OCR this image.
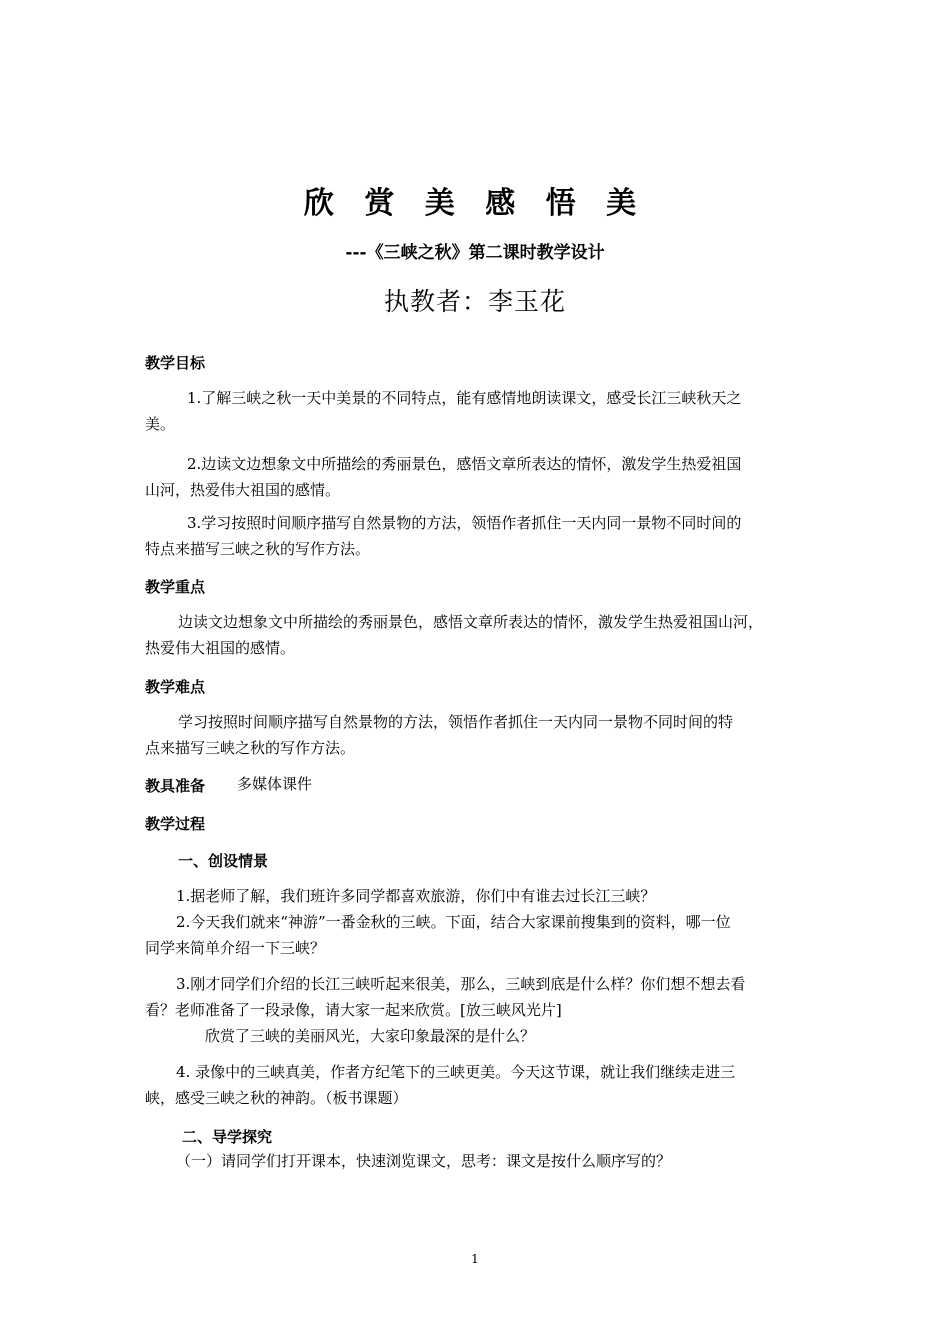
欣 赏 美 感 悟 美
---《三峡之秋》第二课时教学设计
执教者：李玉花
教学目标
1.了解三峡之秋一天中美景的不同特点，能有感情地朗读课文，感受长江三峡秋天之
美。
2.边读文边想象文中所描绘的秀丽景色，感悟文章所表达的情怀，激发学生热爱祖国
山河，热爱伟大祖国的感情。
3.学习按照时间顺序描写自然景物的方法，领悟作者抓住一天内同一景物不同时间的
特点来描写三峡之秋的写作方法。
教学重点
边读文边想象文中所描绘的秀丽景色，感悟文章所表达的情怀，激发学生热爱祖国山河，
热爱伟大祖国的感情。
教学难点
学习按照时间顺序描写自然景物的方法，领悟作者抓住一天内同一景物不同时间的特
点来描写三峡之秋的写作方法。
教具准备 多媒体课件
教学过程
一、创设情景
1.据老师了解，我们班许多同学都喜欢旅游，你们中有谁去过长江三峡？
2.今天我们就来“神游”一番金秋的三峡。下面，结合大家课前搜集到的资料，哪一位
同学来简单介绍一下三峡？
3.刚才同学们介绍的长江三峡听起来很美，那么，三峡到底是什么样？你们想不想去看
看？老师准备了一段录像，请大家一起来欣赏。[放三峡风光片]
欣赏了三峡的美丽风光，大家印象最深的是什么？
4. 录像中的三峡真美，作者方纪笔下的三峡更美。今天这节课，就让我们继续走进三
峡，感受三峡之秋的神韵。（板书课题）
二、导学探究
（一）请同学们打开课本，快速浏览课文，思考：课文是按什么顺序写的？
1
